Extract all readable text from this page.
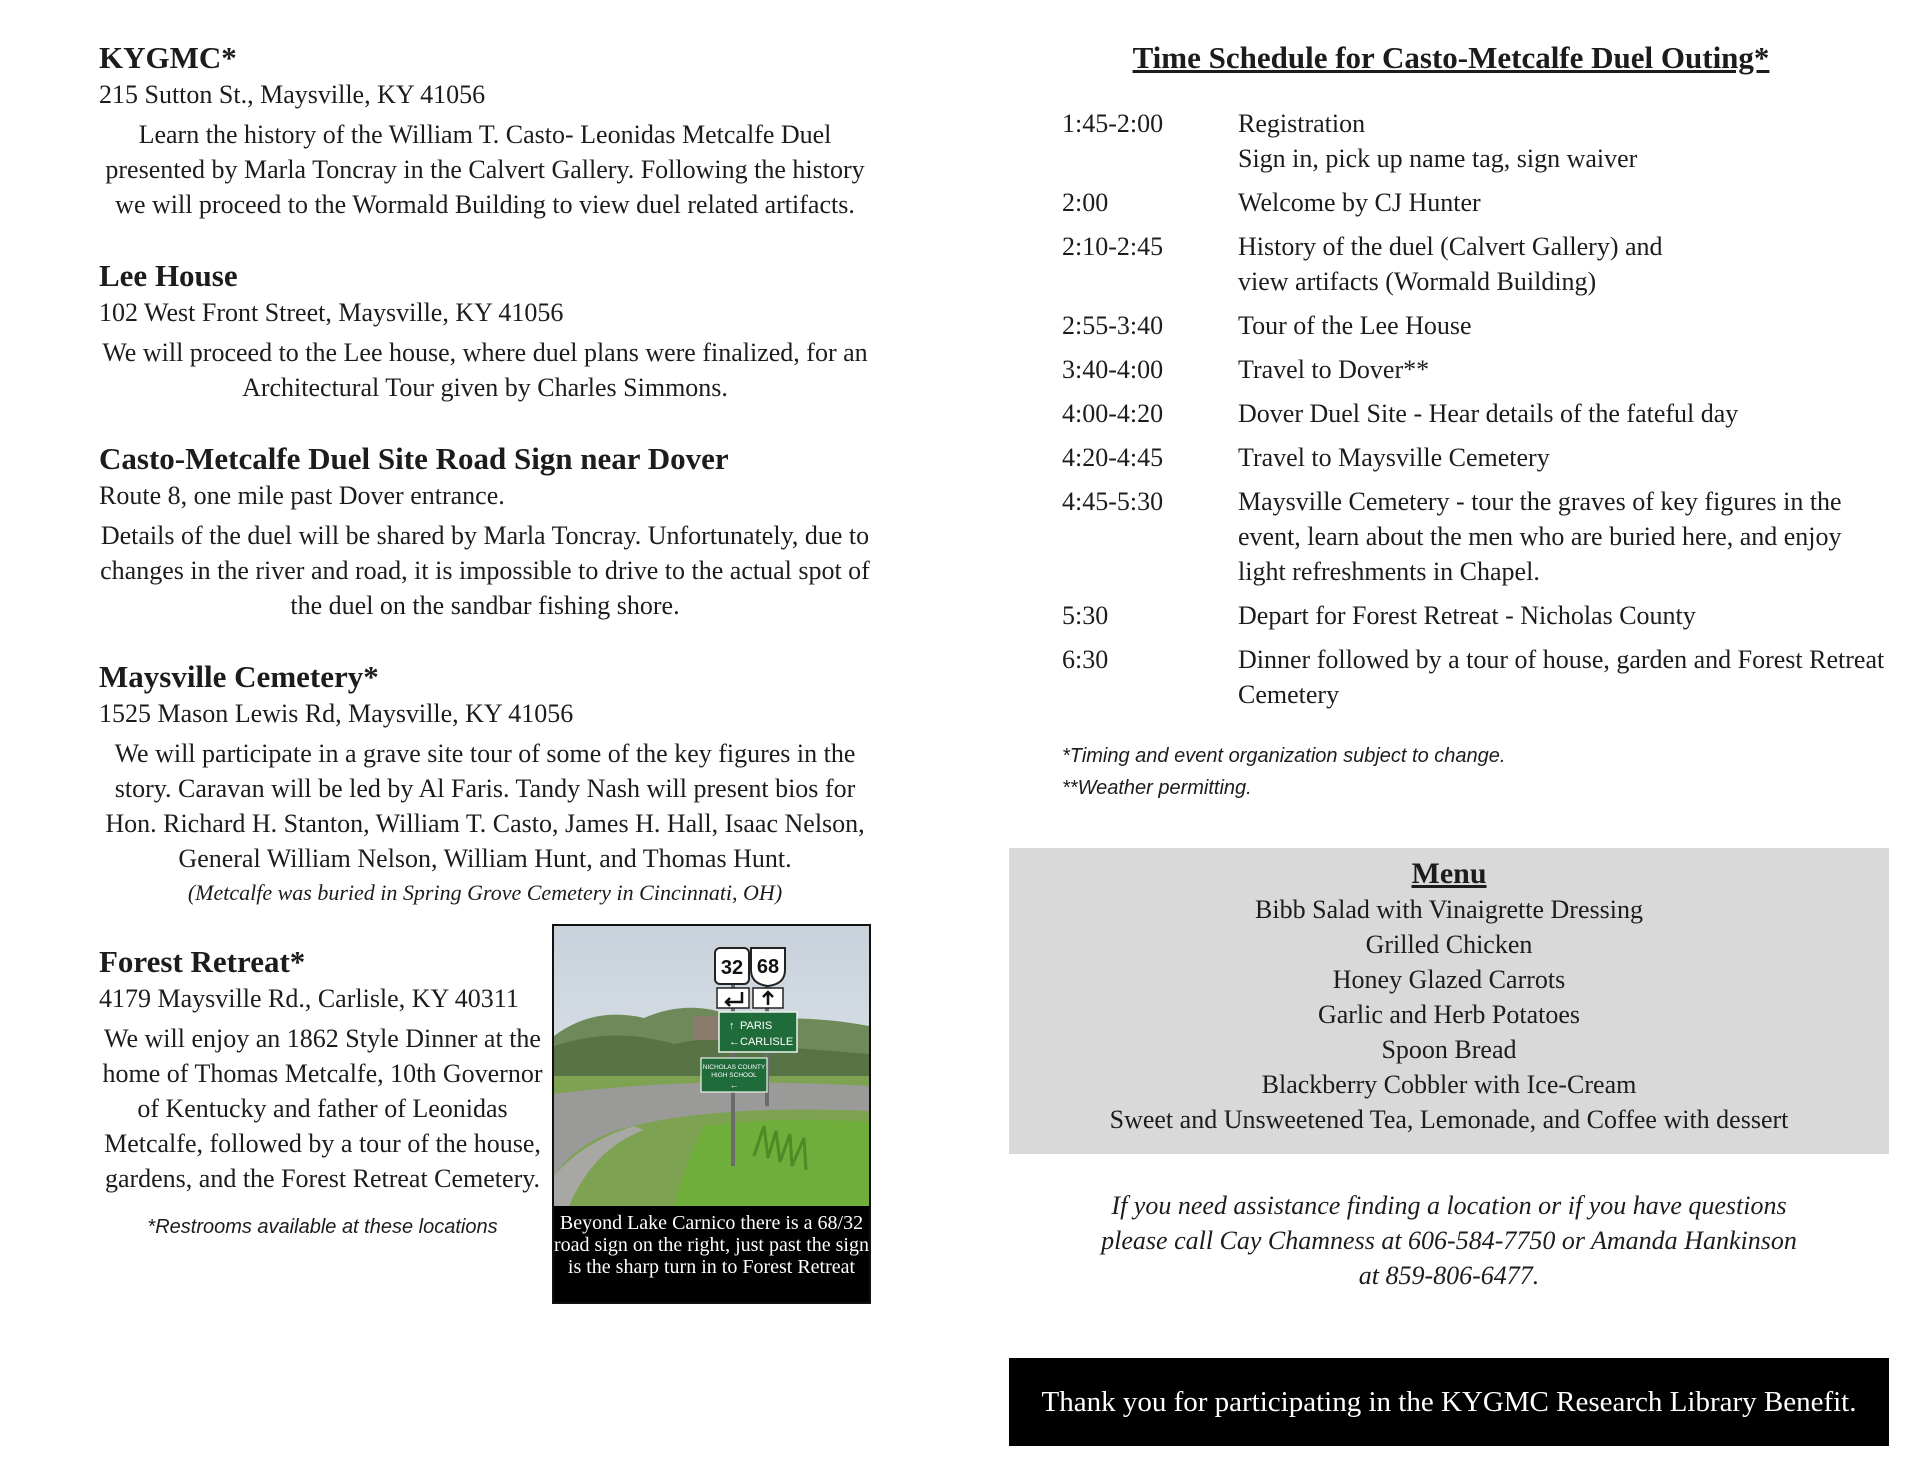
KYGMC*

215 Sutton St., Maysville, KY 41056

Learn the history of the William T. Casto- Leonidas Metcalfe Duel presented by Marla Toncray in the Calvert Gallery. Following the history we will proceed to the Wormald Building to view duel related artifacts.

Lee House

102 West Front Street, Maysville, KY 41056

We will proceed to the Lee house, where duel plans were finalized, for an Architectural Tour given by Charles Simmons.

Casto-Metcalfe Duel Site Road Sign near Dover

Route 8, one mile past Dover entrance.

Details of the duel will be shared by Marla Toncray. Unfortunately, due to changes in the river and road, it is impossible to drive to the actual spot of the duel on the sandbar fishing shore.

Maysville Cemetery*

1525 Mason Lewis Rd, Maysville, KY 41056

We will participate in a grave site tour of some of the key figures in the story. Caravan will be led by Al Faris. Tandy Nash will present bios for Hon. Richard H. Stanton, William T. Casto, James H. Hall, Isaac Nelson, General William Nelson, William Hunt, and Thomas Hunt.

(Metcalfe was buried in Spring Grove Cemetery in Cincinnati, OH)

Forest Retreat*

4179 Maysville Rd., Carlisle, KY 40311

We will enjoy an 1862 Style Dinner at the home of Thomas Metcalfe, 10th Governor of Kentucky and father of Leonidas Metcalfe, followed by a tour of the house, gardens, and the Forest Retreat Cemetery.

*Restrooms available at these locations
32 68
↑ PARIS
← CARLISLE
NICHOLAS COUNTY
HIGH SCHOOL
←
Beyond Lake Carnico there is a 68/32 road sign on the right, just past the sign is the sharp turn in to Forest Retreat

Time Schedule for Casto-Metcalfe Duel Outing*

1:45-2:00	Registration
Sign in, pick up name tag, sign waiver
2:00	Welcome by CJ Hunter
2:10-2:45	History of the duel (Calvert Gallery) and
view artifacts (Wormald Building)
2:55-3:40	Tour of the Lee House
3:40-4:00	Travel to Dover**
4:00-4:20	Dover Duel Site - Hear details of the fateful day
4:20-4:45	Travel to Maysville Cemetery
4:45-5:30	Maysville Cemetery - tour the graves of key figures in the event, learn about the men who are buried here, and enjoy light refreshments in Chapel.
5:30	Depart for Forest Retreat - Nicholas County
6:30	Dinner followed by a tour of house, garden and Forest Retreat Cemetery
*Timing and event organization subject to change.
**Weather permitting.
Menu
Bibb Salad with Vinaigrette Dressing
Grilled Chicken
Honey Glazed Carrots
Garlic and Herb Potatoes
Spoon Bread
Blackberry Cobbler with Ice-Cream
Sweet and Unsweetened Tea, Lemonade, and Coffee with dessert
If you need assistance finding a location or if you have questions
please call Cay Chamness at 606-584-7750 or Amanda Hankinson
at 859-806-6477.
Thank you for participating in the KYGMC Research Library Benefit.
